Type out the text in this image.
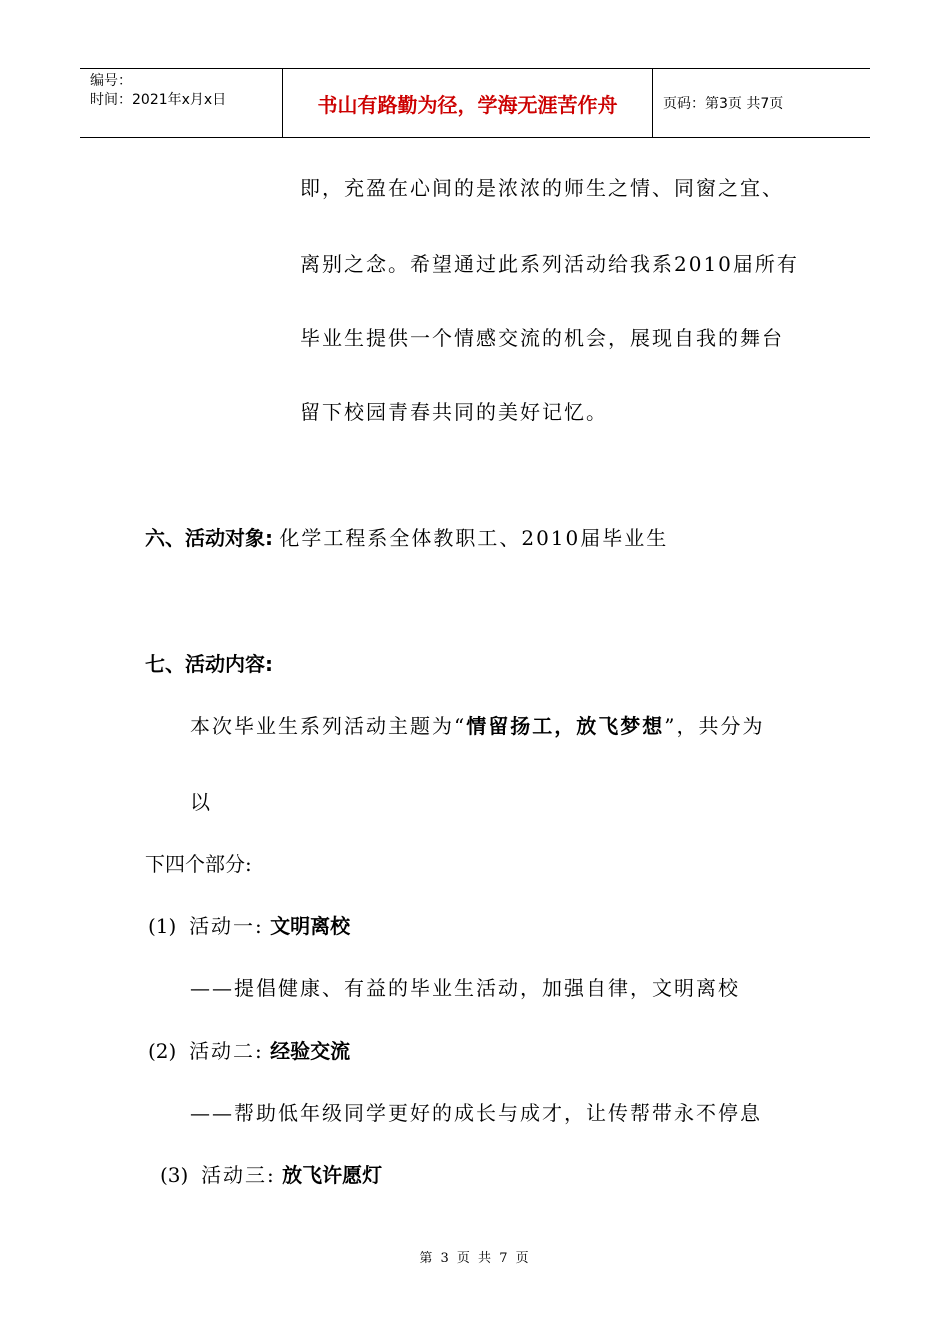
编号：
时间：2021年x月x日	书山有路勤为径，学海无涯苦作舟	页码：第3页 共7页
即，充盈在心间的是浓浓的师生之情、同窗之宜、
离别之念。希望通过此系列活动给我系2010届所有
毕业生提供一个情感交流的机会，展现自我的舞台
留下校园青春共同的美好记忆。
六、活动对象: 化学工程系全体教职工、2010届毕业生
七、活动内容:
本次毕业生系列活动主题为“情留扬工，放飞梦想”，共分为
以
下四个部分:
(1) 活动一: 文明离校
——提倡健康、有益的毕业生活动，加强自律，文明离校
(2) 活动二: 经验交流
——帮助低年级同学更好的成长与成才，让传帮带永不停息
(3) 活动三: 放飞许愿灯
第 3 页 共 7 页
